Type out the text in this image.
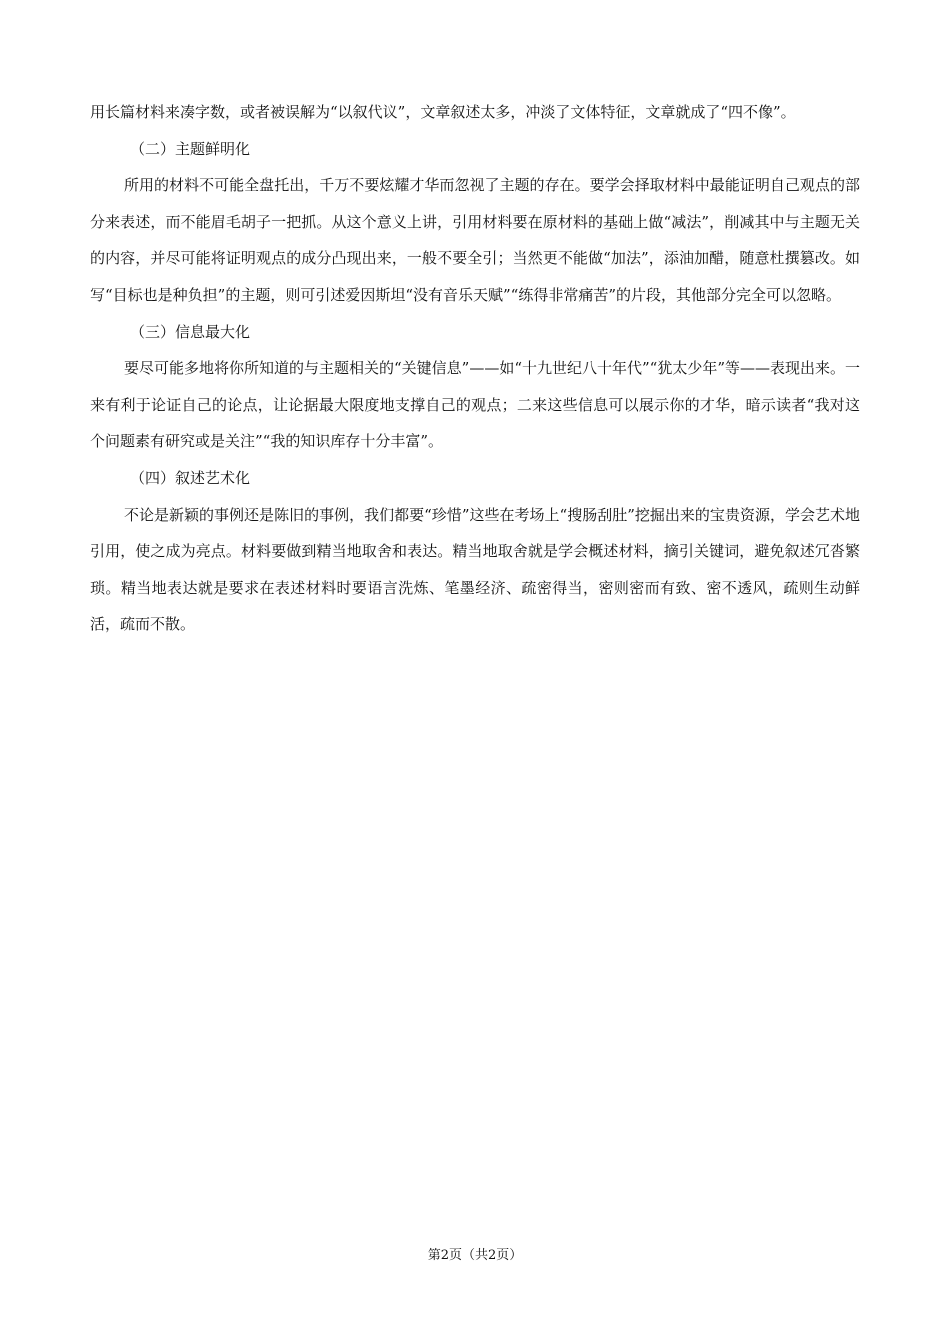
用长篇材料来凑字数，或者被误解为“以叙代议”，文章叙述太多，冲淡了文体特征，文章就成了“四不像”。

（二）主题鲜明化

所用的材料不可能全盘托出，千万不要炫耀才华而忽视了主题的存在。要学会择取材料中最能证明自己观点的部分来表述，而不能眉毛胡子一把抓。从这个意义上讲，引用材料要在原材料的基础上做“减法”，削减其中与主题无关的内容，并尽可能将证明观点的成分凸现出来，一般不要全引；当然更不能做“加法”，添油加醋，随意杜撰篡改。如写“目标也是种负担”的主题，则可引述爱因斯坦“没有音乐天赋”“练得非常痛苦”的片段，其他部分完全可以忽略。

（三）信息最大化

要尽可能多地将你所知道的与主题相关的“关键信息”——如“十九世纪八十年代”“犹太少年”等——表现出来。一来有利于论证自己的论点，让论据最大限度地支撑自己的观点；二来这些信息可以展示你的才华，暗示读者“我对这个问题素有研究或是关注”“我的知识库存十分丰富”。

（四）叙述艺术化

不论是新颖的事例还是陈旧的事例，我们都要“珍惜”这些在考场上“搜肠刮肚”挖掘出来的宝贵资源，学会艺术地引用，使之成为亮点。材料要做到精当地取舍和表达。精当地取舍就是学会概述材料，摘引关键词，避免叙述冗沓繁琐。精当地表达就是要求在表述材料时要语言洗炼、笔墨经济、疏密得当，密则密而有致、密不透风，疏则生动鲜活，疏而不散。

第2页（共2页）
